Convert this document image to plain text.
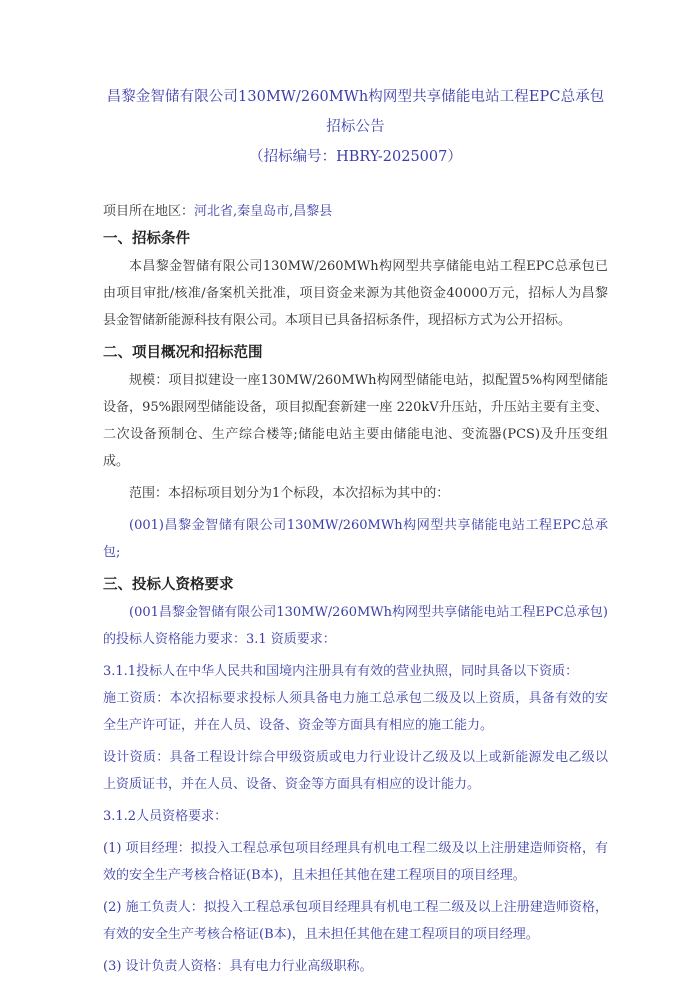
昌黎金智储有限公司130MW/260MWh构网型共享储能电站工程EPC总承包招标公告

（招标编号：HBRY-2025007）

项目所在地区：河北省,秦皇岛市,昌黎县

一、招标条件

本昌黎金智储有限公司130MW/260MWh构网型共享储能电站工程EPC总承包已由项目审批/核准/备案机关批准，项目资金来源为其他资金40000万元，招标人为昌黎县金智储新能源科技有限公司。本项目已具备招标条件，现招标方式为公开招标。

二、项目概况和招标范围

规模：项目拟建设一座130MW/260MWh构网型储能电站，拟配置5%构网型储能设备，95%跟网型储能设备，项目拟配套新建一座 220kV升压站，升压站主要有主变、二次设备预制仓、生产综合楼等;储能电站主要由储能电池、变流器(PCS)及升压变组成。

范围：本招标项目划分为1个标段，本次招标为其中的：

(001)昌黎金智储有限公司130MW/260MWh构网型共享储能电站工程EPC总承包;

三、投标人资格要求

(001昌黎金智储有限公司130MW/260MWh构网型共享储能电站工程EPC总承包)的投标人资格能力要求：3.1 资质要求：

3.1.1投标人在中华人民共和国境内注册具有有效的营业执照，同时具备以下资质：

施工资质：本次招标要求投标人须具备电力施工总承包二级及以上资质，具备有效的安全生产许可证，并在人员、设备、资金等方面具有相应的施工能力。

设计资质：具备工程设计综合甲级资质或电力行业设计乙级及以上或新能源发电乙级以上资质证书，并在人员、设备、资金等方面具有相应的设计能力。

3.1.2人员资格要求：

(1) 项目经理：拟投入工程总承包项目经理具有机电工程二级及以上注册建造师资格，有效的安全生产考核合格证(B本)，且未担任其他在建工程项目的项目经理。

(2) 施工负责人：拟投入工程总承包项目经理具有机电工程二级及以上注册建造师资格，有效的安全生产考核合格证(B本)，且未担任其他在建工程项目的项目经理。

(3) 设计负责人资格：具有电力行业高级职称。
